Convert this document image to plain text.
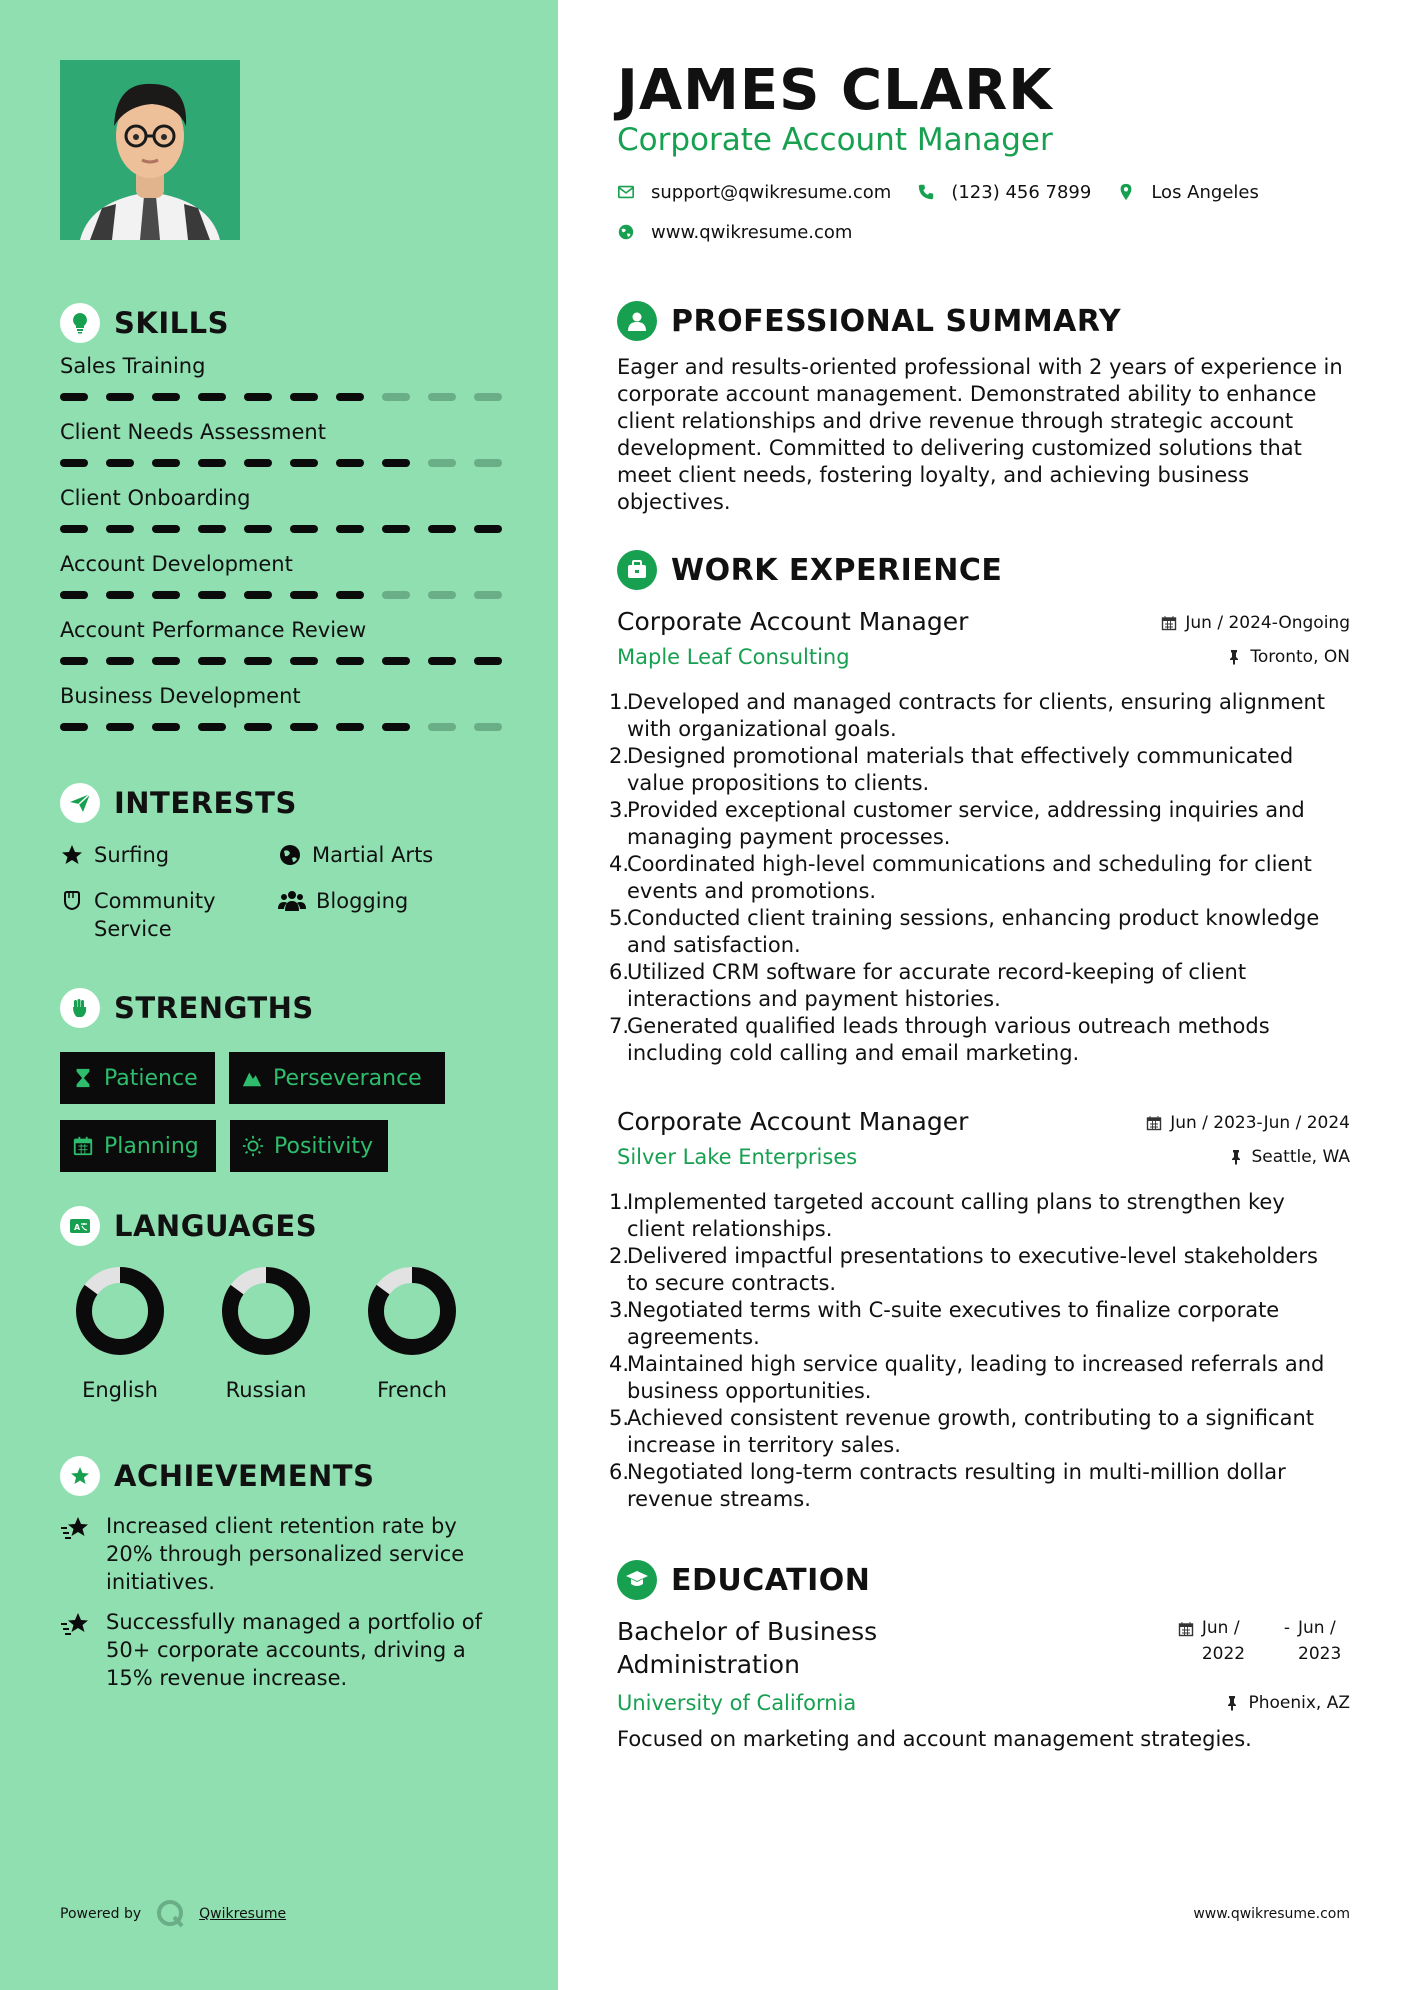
SKILLS
Sales Training
Client Needs Assessment
Client Onboarding
Account Development
Account Performance Review
Business Development
INTERESTS
Surfing	Martial Arts
Community Service
Blogging
STRENGTHS
Patience	Perseverance
Planning	Positivity
A LANGUAGES
English	Russian	French
ACHIEVEMENTS
Increased client retention rate by 20% through personalized service initiatives.
Successfully managed a portfolio of 50+ corporate accounts, driving a 15% revenue increase.
Powered by	Qwikresume
JAMES CLARK
Corporate Account Manager
support@qwikresume.com	(123) 456 7899	Los Angeles
www.qwikresume.com
PROFESSIONAL SUMMARY

Eager and results-oriented professional with 2 years of experience in corporate account management. Demonstrated ability to enhance client relationships and drive revenue through strategic account development. Committed to delivering customized solutions that meet client needs, fostering loyalty, and achieving business objectives.

WORK EXPERIENCE
Corporate Account Manager	Jun / 2024-Ongoing
Maple Leaf Consulting	Toronto, ON
1.
Developed and managed contracts for clients, ensuring alignment with organizational goals.
2.
Designed promotional materials that effectively communicated value propositions to clients.
3.
Provided exceptional customer service, addressing inquiries and managing payment processes.
4.
Coordinated high-level communications and scheduling for client events and promotions.
5.
Conducted client training sessions, enhancing product knowledge and satisfaction.
6.
Utilized CRM software for accurate record-keeping of client interactions and payment histories.
7.
Generated qualified leads through various outreach methods including cold calling and email marketing.
Corporate Account Manager	Jun / 2023-Jun / 2024
Silver Lake Enterprises	Seattle, WA
1.
Implemented targeted account calling plans to strengthen key client relationships.
2.
Delivered impactful presentations to executive-level stakeholders to secure contracts.
3.
Negotiated terms with C-suite executives to finalize corporate agreements.
4.
Maintained high service quality, leading to increased referrals and business opportunities.
5.
Achieved consistent revenue growth, contributing to a significant increase in territory sales.
6.
Negotiated long-term contracts resulting in multi-million dollar revenue streams.
EDUCATION
Bachelor of Business Administration
Jun / 2022
- Jun / 2023
University of California	Phoenix, AZ
Focused on marketing and account management strategies.
www.qwikresume.com
